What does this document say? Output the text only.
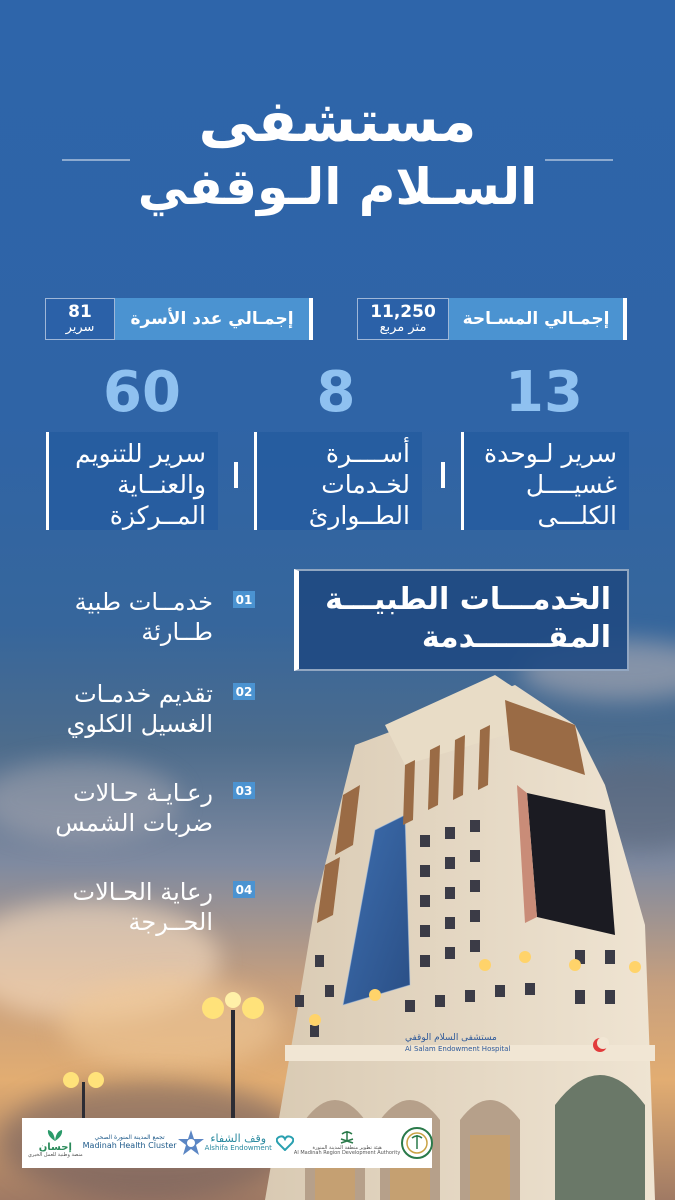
مستشفى
السـلام الـوقفي
81
سرير	إجمـالي عدد الأسرة	11,250
متر مربع	إجمـالي المسـاحة
13
8
60
سرير لـوحدة
غسيــــل
الكلـــى
أســــرة
لخـدمات
الطــوارئ
سرير للتنويم
والعنــاية
المــركزة
مستشفى السلام الوقفي
Al Salam Endowment Hospital
الخدمـــات الطبيـــة
المقـــــــدمة
01
خدمــات طبية
طــارئة
02
تقديم خدمـات
الغسيل الكلوي
03
رعـايـة حـالات
ضربات الشمس
04
رعاية الحـالات
الحــرجة
إحسان
منصة وطنية للعمل الخيري
تجمع المدينة المنورة الصحي
Madinah Health Cluster
وقف الشفاء
Alshifa Endowment	هيئة تطوير منطقة المدينة المنورة
Al Madinah Region Development Authority
